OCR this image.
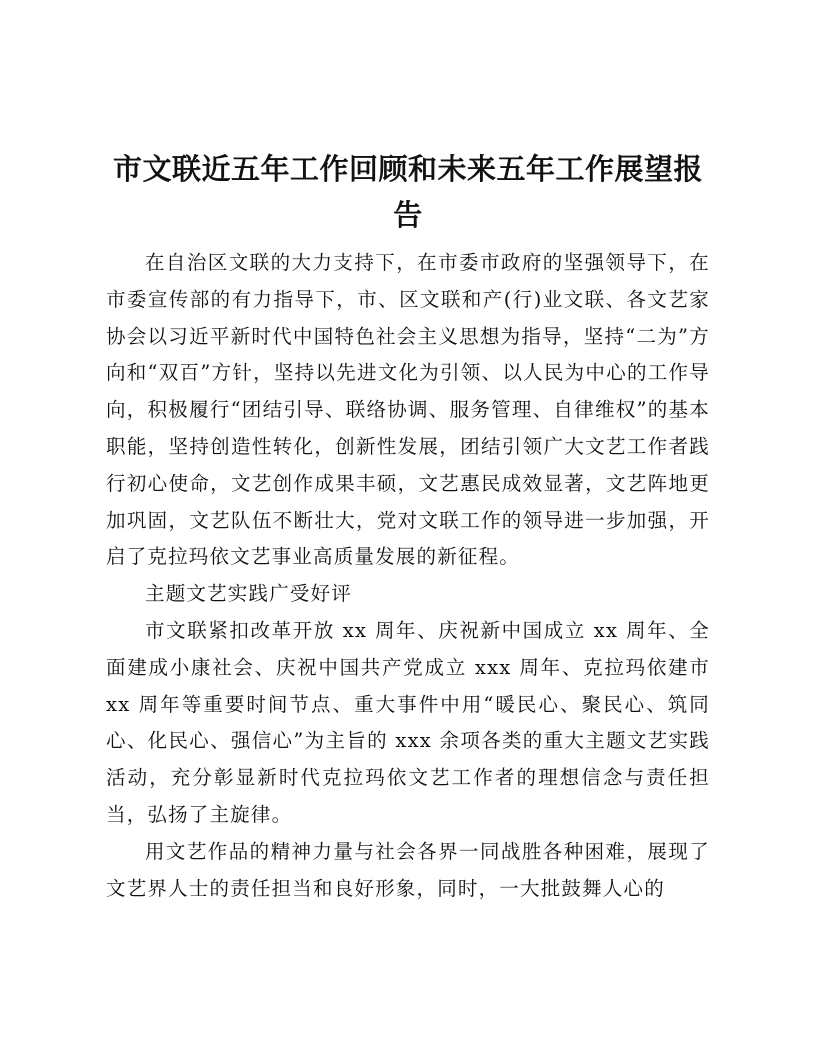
市文联近五年工作回顾和未来五年工作展望报告

在自治区文联的大力支持下，在市委市政府的坚强领导下，在市委宣传部的有力指导下，市、区文联和产(行)业文联、各文艺家协会以习近平新时代中国特色社会主义思想为指导，坚持“二为”方向和“双百”方针，坚持以先进文化为引领、以人民为中心的工作导向，积极履行“团结引导、联络协调、服务管理、自律维权”的基本职能，坚持创造性转化，创新性发展，团结引领广大文艺工作者践行初心使命，文艺创作成果丰硕，文艺惠民成效显著，文艺阵地更加巩固，文艺队伍不断壮大，党对文联工作的领导进一步加强，开启了克拉玛依文艺事业高质量发展的新征程。

主题文艺实践广受好评

市文联紧扣改革开放 xx 周年、庆祝新中国成立 xx 周年、全面建成小康社会、庆祝中国共产党成立 xxx 周年、克拉玛依建市 xx 周年等重要时间节点、重大事件中用“暖民心、聚民心、筑同心、化民心、强信心”为主旨的 xxx 余项各类的重大主题文艺实践活动，充分彰显新时代克拉玛依文艺工作者的理想信念与责任担当，弘扬了主旋律。

用文艺作品的精神力量与社会各界一同战胜各种困难，展现了文艺界人士的责任担当和良好形象，同时，一大批鼓舞人心的
